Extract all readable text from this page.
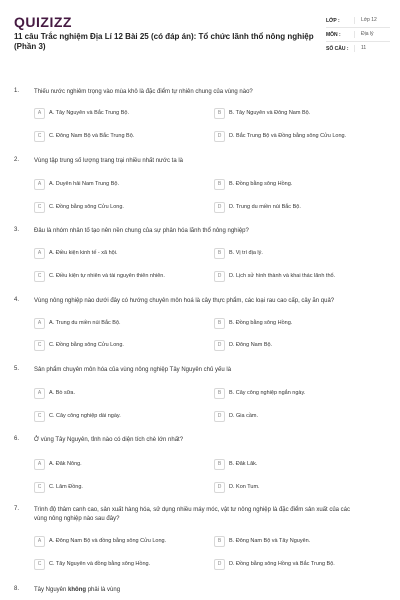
QUIZIZZ
11 câu Trắc nghiệm Địa Lí 12 Bài 25 (có đáp án): Tổ chức lãnh thổ nông nghiệp (Phần 3)
LỚP :	Lớp 12
MÔN :	Địa lý
SỐ CÂU :	11
1. Thiếu nước nghiêm trọng vào mùa khô là đặc điểm tự nhiên chung của vùng nào?
A	A. Tây Nguyên và Bắc Trung Bộ.	B	B. Tây Nguyên và Đông Nam Bộ.
C	C. Đông Nam Bộ và Bắc Trung Bộ.	D	D. Bắc Trung Bộ và Đồng bằng sông Cửu Long.
2. Vùng tập trung số lượng trang trại nhiều nhất nước ta là
A	A. Duyên hải Nam Trung Bộ.	B	B. Đồng bằng sông Hồng.
C	C. Đồng bằng sông Cửu Long.	D	D. Trung du miền núi Bắc Bộ.
3. Đâu là nhóm nhân tố tạo nên nền chung của sự phân hóa lãnh thổ nông nghiệp?
A	A. Điều kiện kinh tế - xã hội.	B	B. Vị trí địa lý.
C	C. Điều kiện tự nhiên và tài nguyên thiên nhiên.	D	D. Lịch sử hình thành và khai thác lãnh thổ.
4. Vùng nông nghiệp nào dưới đây có hướng chuyên môn hoá là cây thực phẩm, các loại rau cao cấp, cây ăn quả?
A	A. Trung du miền núi Bắc Bộ.	B	B. Đồng bằng sông Hồng.
C	C. Đồng bằng sông Cửu Long.	D	D. Đông Nam Bộ.
5. Sản phẩm chuyên môn hóa của vùng nông nghiệp Tây Nguyên chủ yếu là
A	A. Bò sữa.	B	B. Cây công nghiệp ngắn ngày.
C	C. Cây công nghiệp dài ngày.	D	D. Gia cầm.
6. Ở vùng Tây Nguyên, tỉnh nào có diện tích chè lớn nhất?
A	A. Đăk Nông.	B	B. Đăk Lăk.
C	C. Lâm Đồng.	D	D. Kon Tum.
7. Trình độ thâm canh cao, sản xuất hàng hóa, sử dụng nhiều máy móc, vật tư nông nghiệp là đặc điểm sản xuất của các vùng nông nghiệp nào sau đây?
A	A. Đông Nam Bộ và đồng bằng sông Cửu Long.	B	B. Đông Nam Bộ và Tây Nguyên.
C	C. Tây Nguyên và đồng bằng sông Hồng.	D	D. Đồng bằng sông Hồng và Bắc Trung Bộ.
8. Tây Nguyên không phải là vùng
